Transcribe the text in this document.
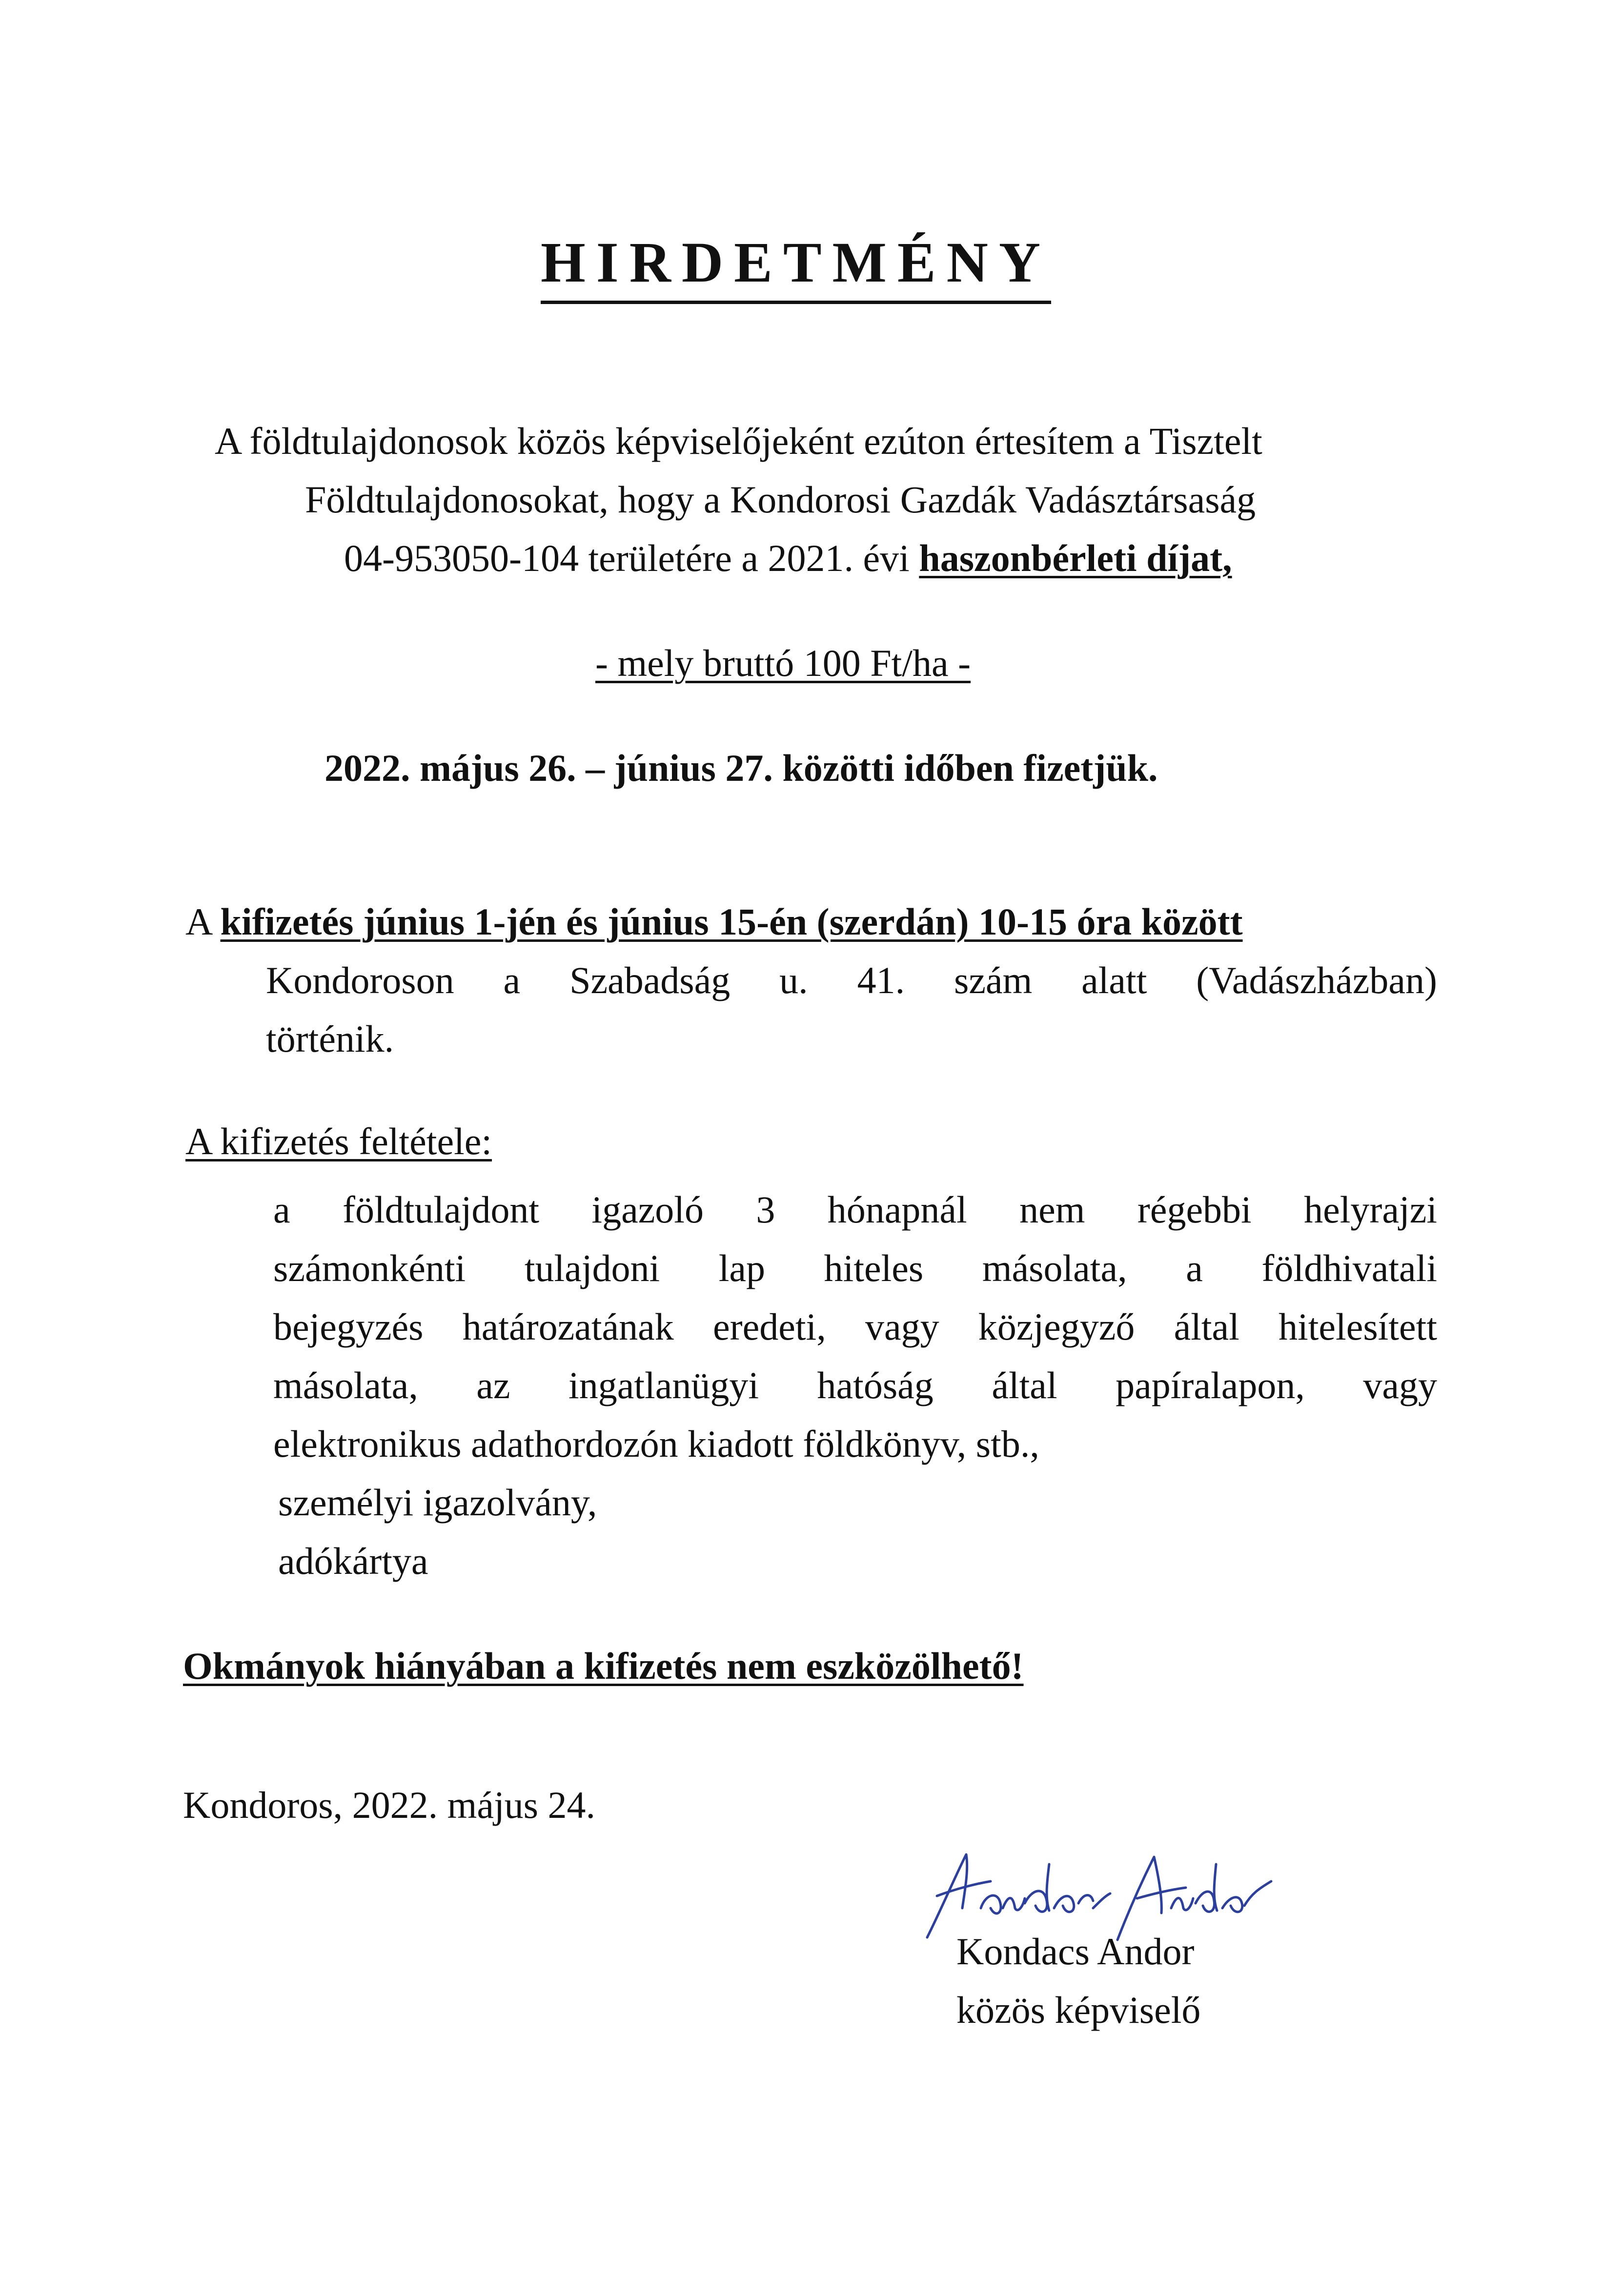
HIRDETMÉNY
A földtulajdonosok közös képviselőjeként ezúton értesítem a Tisztelt
Földtulajdonosokat, hogy a Kondorosi Gazdák Vadásztársaság
04-953050-104 területére a 2021. évi haszonbérleti díjat,
- mely bruttó 100 Ft/ha -
2022. május 26. – június 27. közötti időben fizetjük.
A kifizetés június 1-jén és június 15-én (szerdán) 10-15 óra között
Kondoroson a Szabadság u. 41. szám alatt (Vadászházban)
történik.
A kifizetés feltétele:
a földtulajdont igazoló 3 hónapnál nem régebbi helyrajzi
számonkénti tulajdoni lap hiteles másolata, a földhivatali
bejegyzés határozatának eredeti, vagy közjegyző által hitelesített
másolata, az ingatlanügyi hatóság által papíralapon, vagy
elektronikus adathordozón kiadott földkönyv, stb.,
személyi igazolvány,
adókártya
Okmányok hiányában a kifizetés nem eszközölhető!
Kondoros, 2022. május 24.
Kondacs Andor
közös képviselő
